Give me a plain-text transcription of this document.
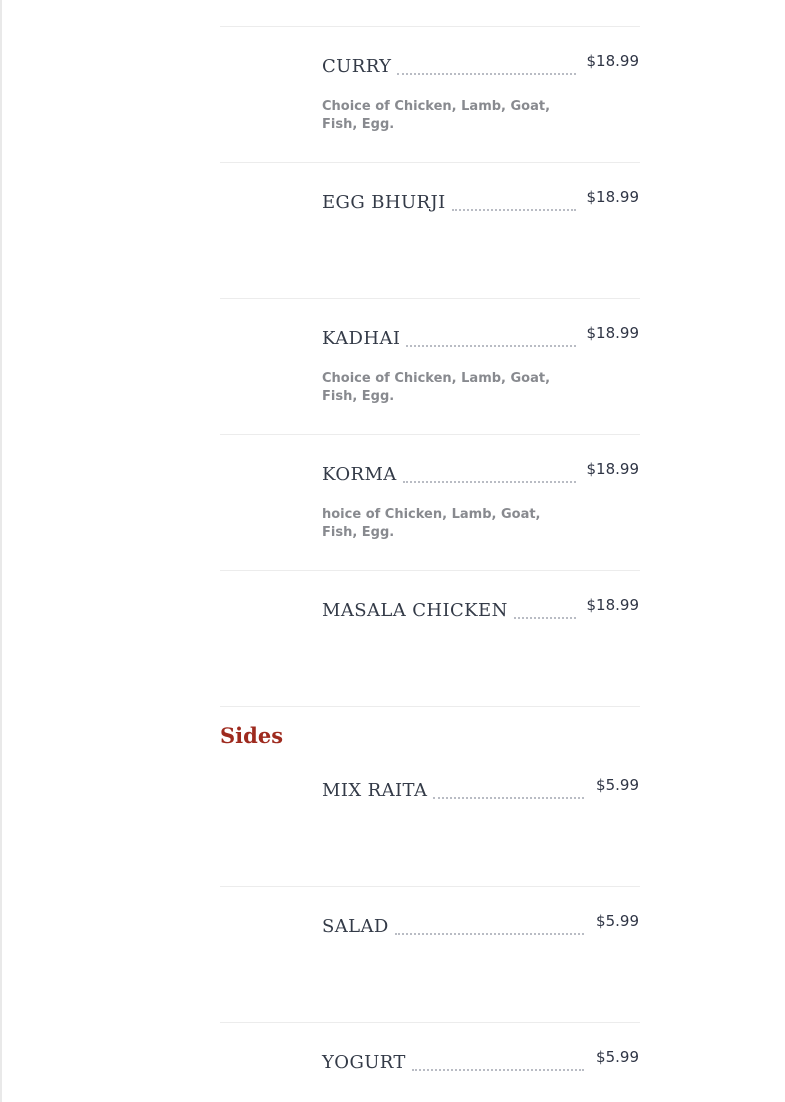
CURRY	$18.99
Choice of Chicken, Lamb, Goat, Fish, Egg.
EGG BHURJI	$18.99
KADHAI	$18.99
Choice of Chicken, Lamb, Goat, Fish, Egg.
KORMA	$18.99
hoice of Chicken, Lamb, Goat, Fish, Egg.
MASALA CHICKEN	$18.99
Sides
MIX RAITA	$5.99
SALAD	$5.99
YOGURT	$5.99
